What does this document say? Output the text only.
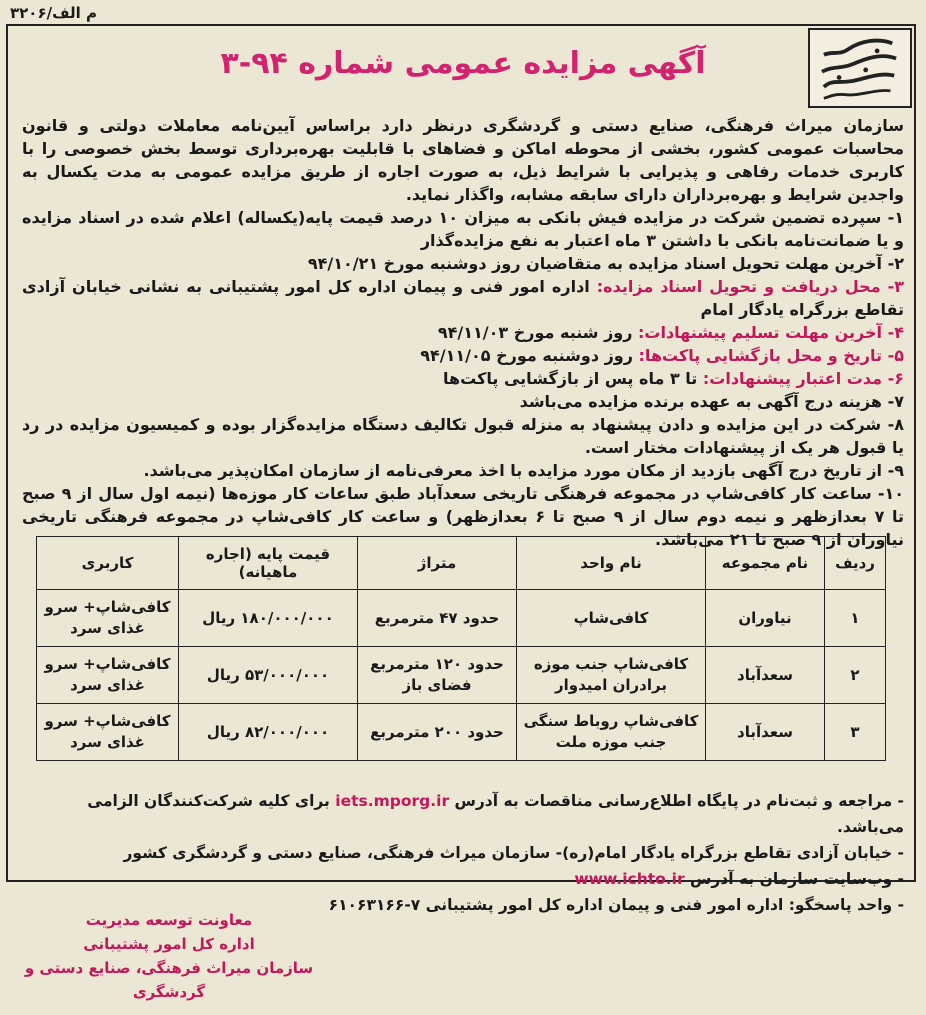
م الف/۳۲۰۶
آگهی مزایده عمومی شماره ۹۴-۳

سازمان میراث فرهنگی، صنایع دستی و گردشگری درنظر دارد براساس آیین‌نامه معاملات دولتی و قانون محاسبات عمومی کشور، بخشی از محوطه اماکن و فضاهای با قابلیت بهره‌برداری توسط بخش خصوصی را با کاربری خدمات رفاهی و پذیرایی با شرایط ذیل، به صورت اجاره از طریق مزایده عمومی به مدت یکسال به واجدین شرایط و بهره‌برداران دارای سابقه مشابه، واگذار نماید.

۱- سپرده تضمین شرکت در مزایده فیش بانکی به میزان ۱۰ درصد قیمت پایه(یکساله) اعلام شده در اسناد مزایده و یا ضمانت‌نامه بانکی با داشتن ۳ ماه اعتبار به نفع مزایده‌گذار

۲- آخرین مهلت تحویل اسناد مزایده به متقاضیان روز دوشنبه مورخ ۹۴/۱۰/۲۱

۳- محل دریافت و تحویل اسناد مزایده: اداره امور فنی و پیمان اداره کل امور پشتیبانی به نشانی خیابان آزادی تقاطع بزرگراه یادگار امام

۴- آخرین مهلت تسلیم پیشنهادات: روز شنبه مورخ ۹۴/۱۱/۰۳

۵- تاریخ و محل بازگشایی پاکت‌ها: روز دوشنبه مورخ ۹۴/۱۱/۰۵

۶- مدت اعتبار پیشنهادات: تا ۳ ماه پس از بازگشایی پاکت‌ها

۷- هزینه درج آگهی به عهده برنده مزایده می‌باشد

۸- شرکت در این مزایده و دادن پیشنهاد به منزله قبول تکالیف دستگاه مزایده‌گزار بوده و کمیسیون مزایده در رد یا قبول هر یک از پیشنهادات مختار است.

۹- از تاریخ درج آگهی بازدید از مکان مورد مزایده با اخذ معرفی‌نامه از سازمان امکان‌پذیر می‌باشد.

۱۰- ساعت کار کافی‌شاپ در مجموعه فرهنگی تاریخی سعدآباد طبق ساعات کار موزه‌ها (نیمه اول سال از ۹ صبح تا ۷ بعدازظهر و نیمه دوم سال از ۹ صبح تا ۶ بعدازظهر) و ساعت کار کافی‌شاپ در مجموعه فرهنگی تاریخی نیاوران از ۹ صبح تا ۲۱ می‌باشد.

ردیف	نام مجموعه	نام واحد	متراژ	قیمت پایه (اجاره ماهیانه)	کاربری
۱	نیاوران	کافی‌شاپ	حدود ۴۷ مترمربع	۱۸۰/۰۰۰/۰۰۰ ریال	کافی‌شاپ+ سرو غذای سرد
۲	سعدآباد	کافی‌شاپ جنب موزه برادران امیدوار	حدود ۱۲۰ مترمربع فضای باز	۵۳/۰۰۰/۰۰۰ ریال	کافی‌شاپ+ سرو غذای سرد
۳	سعدآباد	کافی‌شاپ روباط سنگی جنب موزه ملت	حدود ۲۰۰ مترمربع	۸۲/۰۰۰/۰۰۰ ریال	کافی‌شاپ+ سرو غذای سرد

- مراجعه و ثبت‌نام در پایگاه اطلاع‌رسانی مناقصات به آدرس iets.mporg.ir برای کلیه شرکت‌کنندگان الزامی می‌باشد.

- خیابان آزادی تقاطع بزرگراه یادگار امام(ره)- سازمان میراث فرهنگی، صنایع دستی و گردشگری کشور

- وب‌سایت سازمان به آدرس www.ichto.ir

- واحد پاسخگو: اداره امور فنی و پیمان اداره کل امور پشتیبانی ۷-۶۱۰۶۳۱۶۶

معاونت توسعه مدیریت

اداره کل امور پشتیبانی

سازمان میراث فرهنگی، صنایع دستی و گردشگری
